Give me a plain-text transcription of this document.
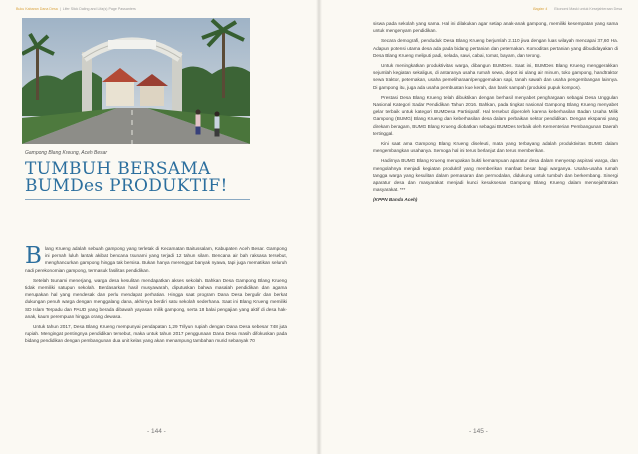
Buku Kabaran Dana Desa  |  Lifer Slick Daling and Lifa(s) Page Passanters
Gampong Blang Kreung, Aceh Besar
TUMBUH BERSAMA
BUMDes PRODUKTIF!

Blang Krueng adalah sebuah gampong yang terletak di Kecamatan Baitussalam, Kabupaten Aceh Besar. Gampong ini pernah luluh lantak akibat bencana tsunami yang terjadi 12 tahun silam. Bencana air bah raksasa tersebut, menghancurkan gampong hingga tak bersisa. Bukan hanya merenggut banyak nyawa, tapi juga mematikan seluruh nadi perekonomian gampong, termasuk fasilitas pendidikan.

Setelah tsunami menerjang, warga desa kesulitan mendapatkan akses sekolah. Bahkan Desa Gampong Blang Krueng tidak memiliki satupun sekolah. Berdasarkan hasil musyawarah, diputuskan bahwa masalah pendidikan dan agama merupakan hal yang mendesak dan perlu mendapat perhatian. Hingga saat program Dana Desa bergulir dan berkat dukungan penuh warga dengan menggalang dana, akhirnya berdiri satu sekolah sederhana. Saat ini Blang Krueng memiliki SD Islam Terpadu dan PAUD yang berada dibawah yayasan milik gampong, serta 18 balai pengajian yang aktif di desa hak-anak, kaum perempuan hingga orang dewasa.

Untuk tahun 2017, Desa Blang Krueng mempunyai pendapatan 1,29 Trilyun rupiah dengan Dana Desa sebesar 748 juta rupiah. Mengingat pentingnya pendidikan tersebut, maka untuk tahun 2017 penggunaan Dana Desa masih difokuskan pada bidang pendidikan dengan pembangunan dua unit kelas yang akan menampung tambahan murid sebanyak 70

- 144 -
Bagian 4 Ekonomi Maski untuk Kesejahteraan Desa

siswa pada sekolah yang sama. Hal ini dilakukan agar setiap anak-anak gampong, memiliki kesempatan yang sama untuk mengenyam pendidikan.

Secara demografi, penduduk Desa Blang Krueng berjumlah 2.110 jiwa dengan luas wilayah mencapai 37,60 Ha. Adapun potensi utama desa ada pada bidang pertanian dan peternakan. Komoditas pertanian yang dibudidayakan di Desa Blang Krueng meliputi padi, selada, sawi, cabai, tomat, bayam, dan terong.

Untuk meningkatkan produktivitas warga, dibangun BUMDes. Saat ini, BUMDes Blang Krueng menggerakkan sejumlah kegiatan sekaligus, di antaranya usaha rumah sewa, depot isi ulang air minum, toko gampong, handtraktor sewa traktor, peternakan, usaha pemeliharaan/penggemukan sapi, tanah sawah dan usaha pengembangan lainnya. Di gampong itu, juga ada usaha pembuatan kue kerah, dan bank sampah (produksi pupuk kompos).

Prestasi Desa Blang Krueng telah dibuktikan dengan berhasil menyabet penghargaan sebagai Desa Unggulan Nasional Kategori Sadar Pendidikan Tahun 2016. Bahkan, pada tingkat nasional Gampong Blang Krueng menyabet gelar terbaik untuk kategori BUMDesa Partisipatif. Hal tersebut diperoleh karena keberhasilan Badan Usaha Milik Gampong (BUMG) Blang Krueng dan keberhasilan desa dalam perbaikan sektor pendidikan. Dengan ekspansi yang direkam beragam, BUMG Blang Krueng diobatkan sebagai BUMDes terbaik oleh Kementerian Pembangunan Daerah tertinggal.

Kini saat ama Gampong Blang Krueng diseleuti, mata yang terbayang adalah produktivitas BUMG dalam mengembangkan usahanya. Semoga hal ini terus berlanjut dan terus memberikan.

Hadirnya BUMG Blang Krueng merupakan bukti kemampuan aparatur desa dalam menyerap aspirasi warga, dan mengolahnya menjadi kegiatan produktif yang memberikan manfaat besar bagi warganya. Usaha-usaha rumah tangga warga yang kesulitan dalam pemasaran dan permodalan, didukung untuk tumbuh dan berkembang. Sinergi aparatur desa dan masyarakat menjadi kunci kesuksesan Gampong Blang Krueng dalam mensejahtrakan masyarakat. ***

(KPPN Banda Aceh)

- 145 -
